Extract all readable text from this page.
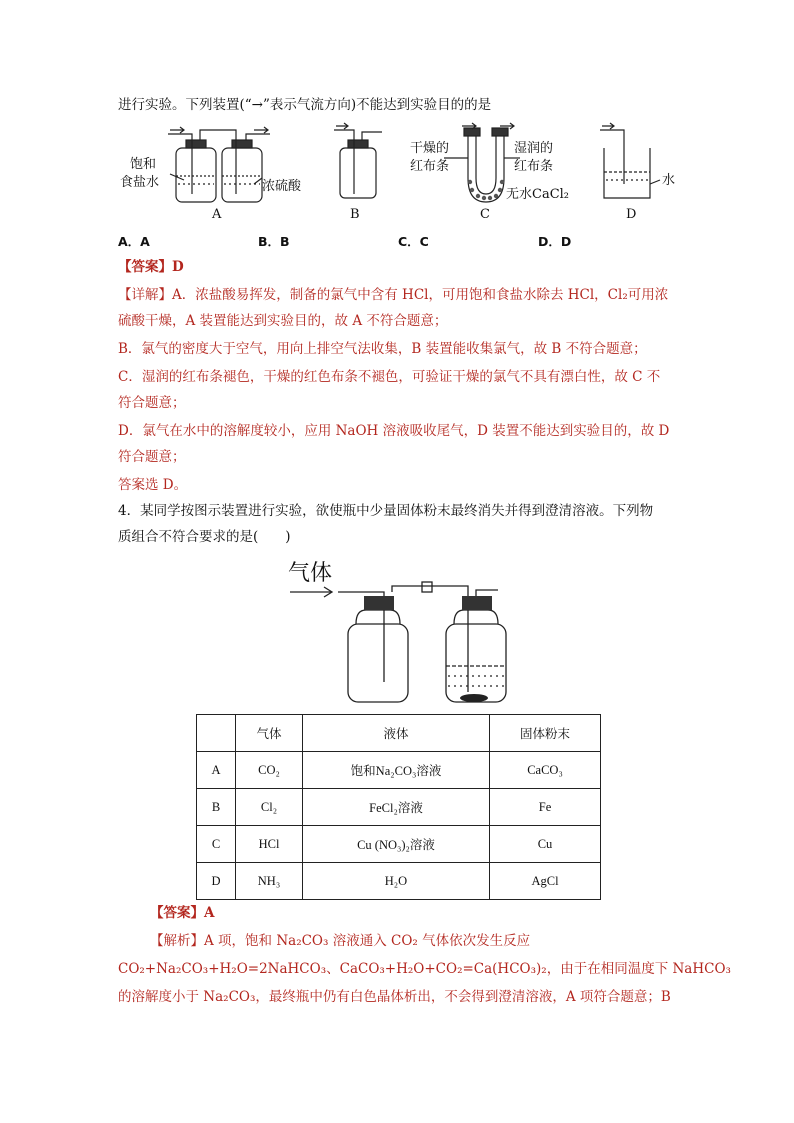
进行实验。下列装置(“→”表示气流方向)不能达到实验目的的是
饱和
食盐水	浓硫酸
干燥的
红布条
湿润的
红布条
无水CaCl₂
水
A	B	C	D
A．A	B．B	C．C	D．D
【答案】D
【详解】A．浓盐酸易挥发，制备的氯气中含有 HCl，可用饱和食盐水除去 HCl，Cl₂可用浓
硫酸干燥，A 装置能达到实验目的，故 A 不符合题意；
B．氯气的密度大于空气，用向上排空气法收集，B 装置能收集氯气，故 B 不符合题意；
C．湿润的红布条褪色，干燥的红色布条不褪色，可验证干燥的氯气不具有漂白性，故 C 不
符合题意；
D．氯气在水中的溶解度较小，应用 NaOH 溶液吸收尾气，D 装置不能达到实验目的，故 D
符合题意；
答案选 D。
4．某同学按图示装置进行实验，欲使瓶中少量固体粉末最终消失并得到澄清溶液。下列物
质组合不符合要求的是(　　)
气体
	气体	液体	固体粉末
A	CO₂	饱和Na₂CO₃溶液	CaCO₃
B	Cl₂	FeCl₂溶液	Fe
C	HCl	Cu (NO₃)₂溶液	Cu
D	NH₃	H₂O	AgCl
【答案】A
【解析】A 项，饱和 Na₂CO₃ 溶液通入 CO₂ 气体依次发生反应
CO₂+Na₂CO₃+H₂O=2NaHCO₃、CaCO₃+H₂O+CO₂=Ca(HCO₃)₂，由于在相同温度下 NaHCO₃
的溶解度小于 Na₂CO₃，最终瓶中仍有白色晶体析出，不会得到澄清溶液，A 项符合题意；B
